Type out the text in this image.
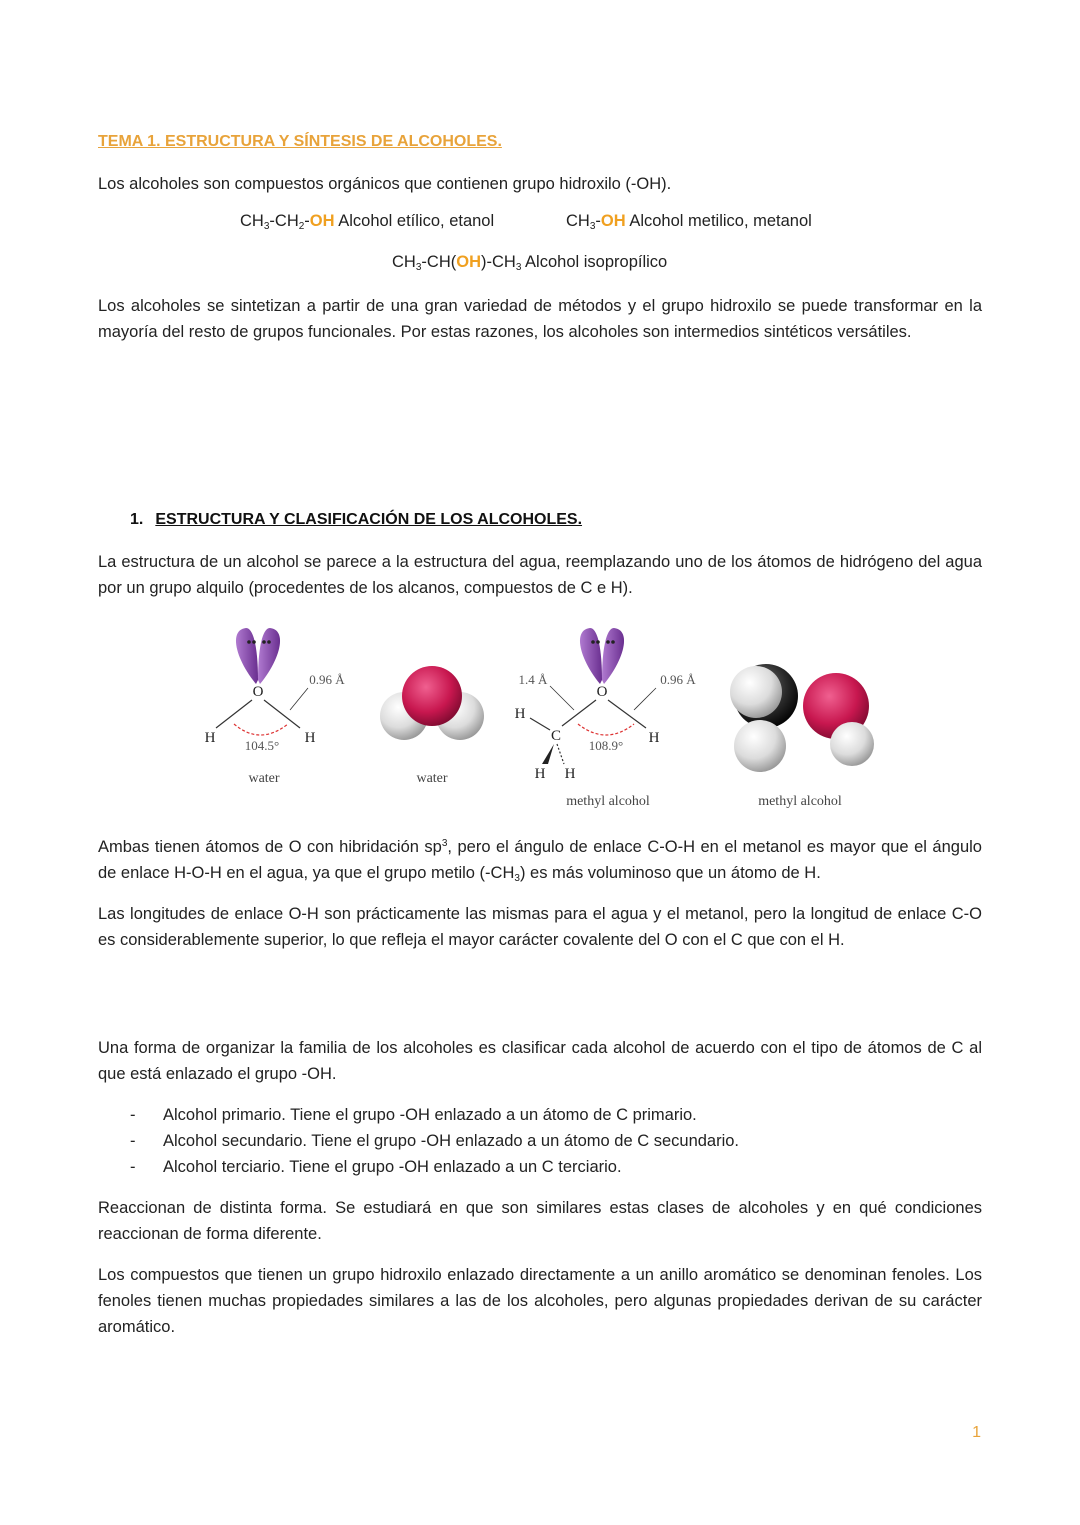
TEMA 1. ESTRUCTURA Y SÍNTESIS DE ALCOHOLES.
Los alcoholes son compuestos orgánicos que contienen grupo hidroxilo (-OH).
$CH_3-CH_2-OH$ Alcohol etílico, etanol	$CH_3-OH$ Alcohol metilico, metanol
$CH_3-CH(OH)-CH_3$ Alcohol isopropílico
Los alcoholes se sintetizan a partir de una gran variedad de métodos y el grupo hidroxilo se puede transformar en la mayoría del resto de grupos funcionales. Por estas razones, los alcoholes son intermedios sintéticos versátiles.
1. ESTRUCTURA Y CLASIFICACIÓN DE LOS ALCOHOLES.
La estructura de un alcohol se parece a la estructura del agua, reemplazando uno de los átomos de hidrógeno del agua por un grupo alquilo (procedentes de los alcanos, compuestos de C e H).
O
H	H
104.5°
0.96 Å
water	water
O
C
H
H H
H
108.9°
1.4 Å	0.96 Å
methyl alcohol	methyl alcohol
Ambas tienen átomos de O con hibridación $sp^3$, pero el ángulo de enlace C-O-H en el metanol es mayor que el ángulo de enlace H-O-H en el agua, ya que el grupo metilo $(-CH_3)$ es más voluminoso que un átomo de H.
Las longitudes de enlace O-H son prácticamente las mismas para el agua y el metanol, pero la longitud de enlace C-O es considerablemente superior, lo que refleja el mayor carácter covalente del O con el C que con el H.
Una forma de organizar la familia de los alcoholes es clasificar cada alcohol de acuerdo con el tipo de átomos de C al que está enlazado el grupo -OH.
- Alcohol primario. Tiene el grupo -OH enlazado a un átomo de C primario.
- Alcohol secundario. Tiene el grupo -OH enlazado a un átomo de C secundario.
- Alcohol terciario. Tiene el grupo -OH enlazado a un C terciario.
Reaccionan de distinta forma. Se estudiará en que son similares estas clases de alcoholes y en qué condiciones reaccionan de forma diferente.
Los compuestos que tienen un grupo hidroxilo enlazado directamente a un anillo aromático se denominan fenoles. Los fenoles tienen muchas propiedades similares a las de los alcoholes, pero algunas propiedades derivan de su carácter aromático.
1
